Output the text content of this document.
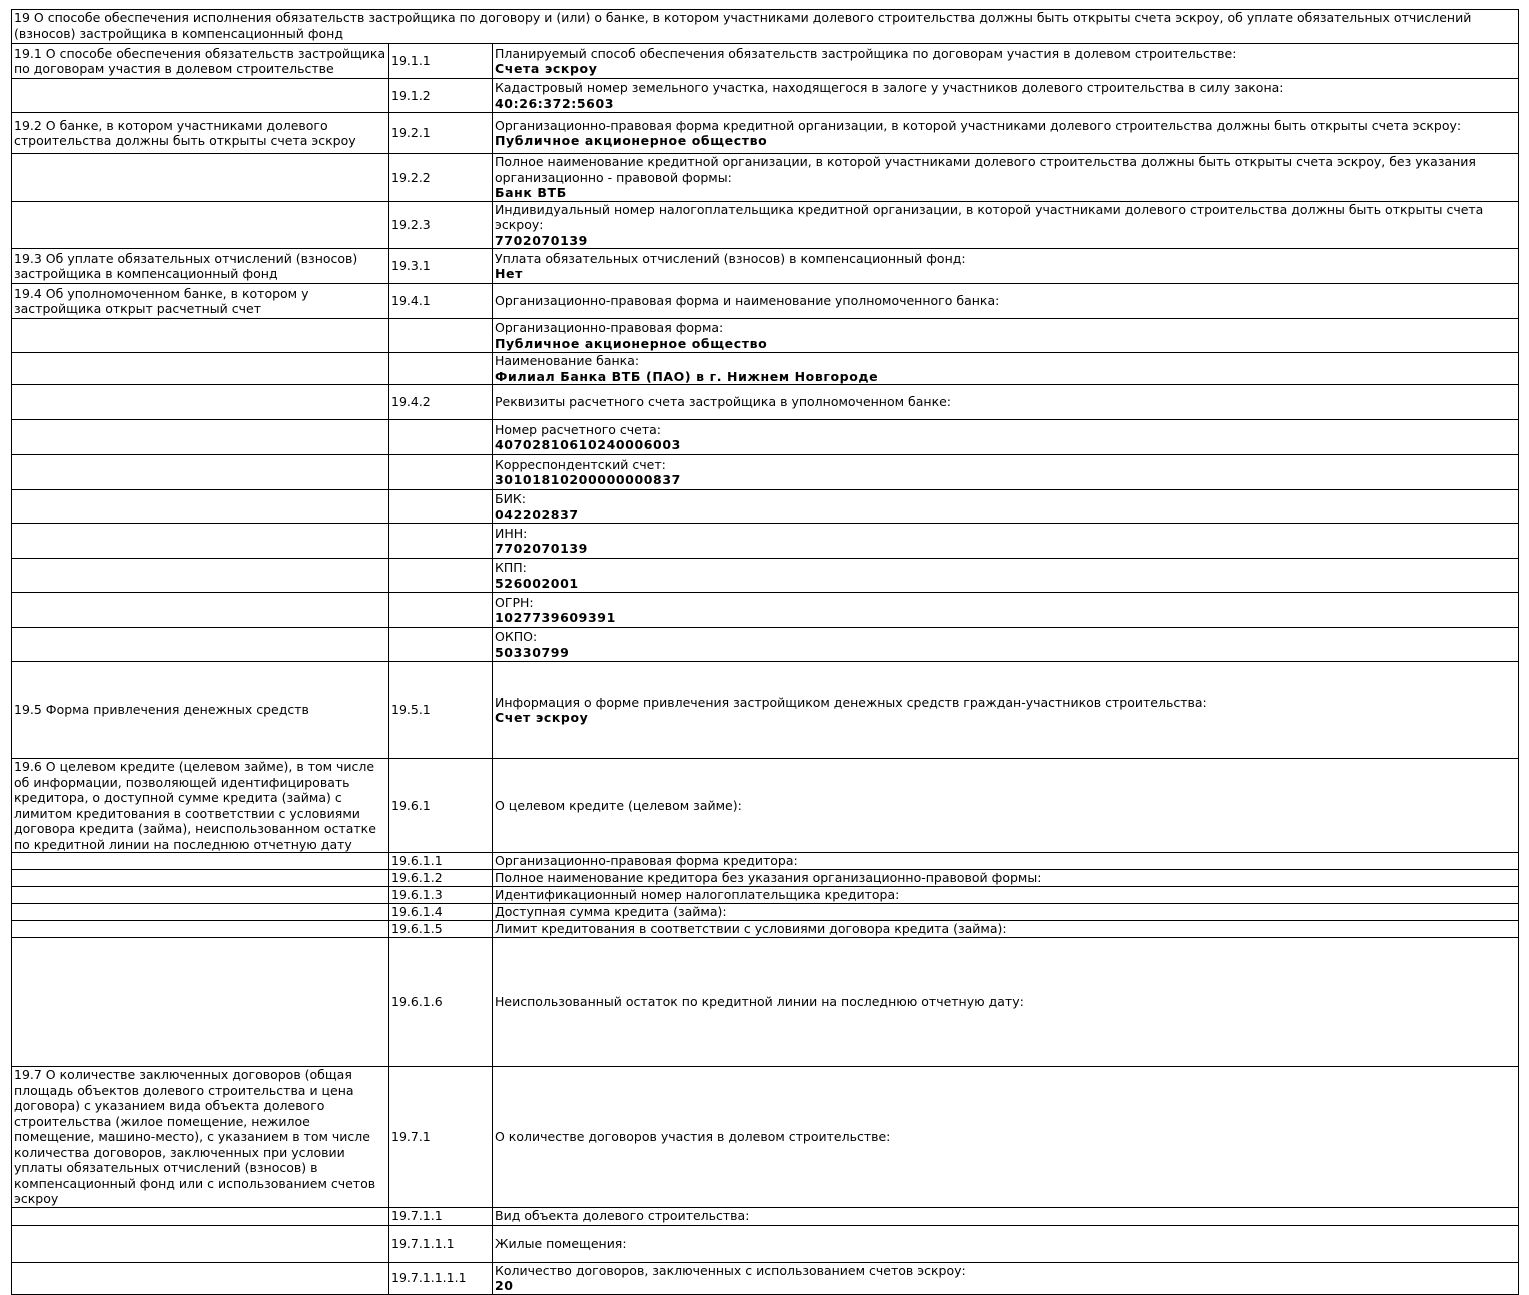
19 О способе обеспечения исполнения обязательств застройщика по договору и (или) о банке, в котором участниками долевого строительства должны быть открыты счета эскроу, об уплате обязательных отчислений (взносов) застройщика в компенсационный фонд		
19.1 О способе обеспечения обязательств застройщика по договорам участия в долевом строительстве	19.1.1	Планируемый способ обеспечения обязательств застройщика по договорам участия в долевом строительстве:
Счета эскроу

	19.1.2	Кадастровый номер земельного участка, находящегося в залоге у участников долевого строительства в силу закона:
40:26:372:5603

19.2 О банке, в котором участниками долевого строительства должны быть открыты счета эскроу	19.2.1	Организационно-правовая форма кредитной организации, в которой участниками долевого строительства должны быть открыты счета эскроу:
Публичное акционерное общество

	19.2.2	Полное наименование кредитной организации, в которой участниками долевого строительства должны быть открыты счета эскроу, без указания организационно - правовой формы:
Банк ВТБ

	19.2.3	Индивидуальный номер налогоплательщика кредитной организации, в которой участниками долевого строительства должны быть открыты счета эскроу:
7702070139

19.3 Об уплате обязательных отчислений (взносов) застройщика в компенсационный фонд	19.3.1	Уплата обязательных отчислений (взносов) в компенсационный фонд:
Нет

19.4 Об уполномоченном банке, в котором у застройщика открыт расчетный счет	19.4.1	Организационно-правовая форма и наименование уполномоченного банка:

		Организационно-правовая форма:
Публичное акционерное общество

		Наименование банка:
Филиал Банка ВТБ (ПАО) в г. Нижнем Новгороде

	19.4.2	Реквизиты расчетного счета застройщика в уполномоченном банке:

		Номер расчетного счета:
40702810610240006003

		Корреспондентский счет:
30101810200000000837

		БИК:
042202837

		ИНН:
7702070139

		КПП:
526002001

		ОГРН:
1027739609391

		ОКПО:
50330799

19.5 Форма привлечения денежных средств	19.5.1	Информация о форме привлечения застройщиком денежных средств граждан-участников строительства:
Счет эскроу

19.6 О целевом кредите (целевом займе), в том числе об информации, позволяющей идентифицировать кредитора, о доступной сумме кредита (займа) с лимитом кредитования в соответствии с условиями договора кредита (займа), неиспользованном остатке по кредитной линии на последнюю отчетную дату	19.6.1	О целевом кредите (целевом займе):

	19.6.1.1	Организационно-правовая форма кредитора:

	19.6.1.2	Полное наименование кредитора без указания организационно-правовой формы:

	19.6.1.3	Идентификационный номер налогоплательщика кредитора:

	19.6.1.4	Доступная сумма кредита (займа):

	19.6.1.5	Лимит кредитования в соответствии с условиями договора кредита (займа):

	19.6.1.6	Неиспользованный остаток по кредитной линии на последнюю отчетную дату:

19.7 О количестве заключенных договоров (общая площадь объектов долевого строительства и цена договора) с указанием вида объекта долевого строительства (жилое помещение, нежилое помещение, машино-место), с указанием в том числе количества договоров, заключенных при условии уплаты обязательных отчислений (взносов) в компенсационный фонд или с использованием счетов эскроу	19.7.1	О количестве договоров участия в долевом строительстве:

	19.7.1.1	Вид объекта долевого строительства:

	19.7.1.1.1	Жилые помещения:

	19.7.1.1.1.1	Количество договоров, заключенных с использованием счетов эскроу:
20
